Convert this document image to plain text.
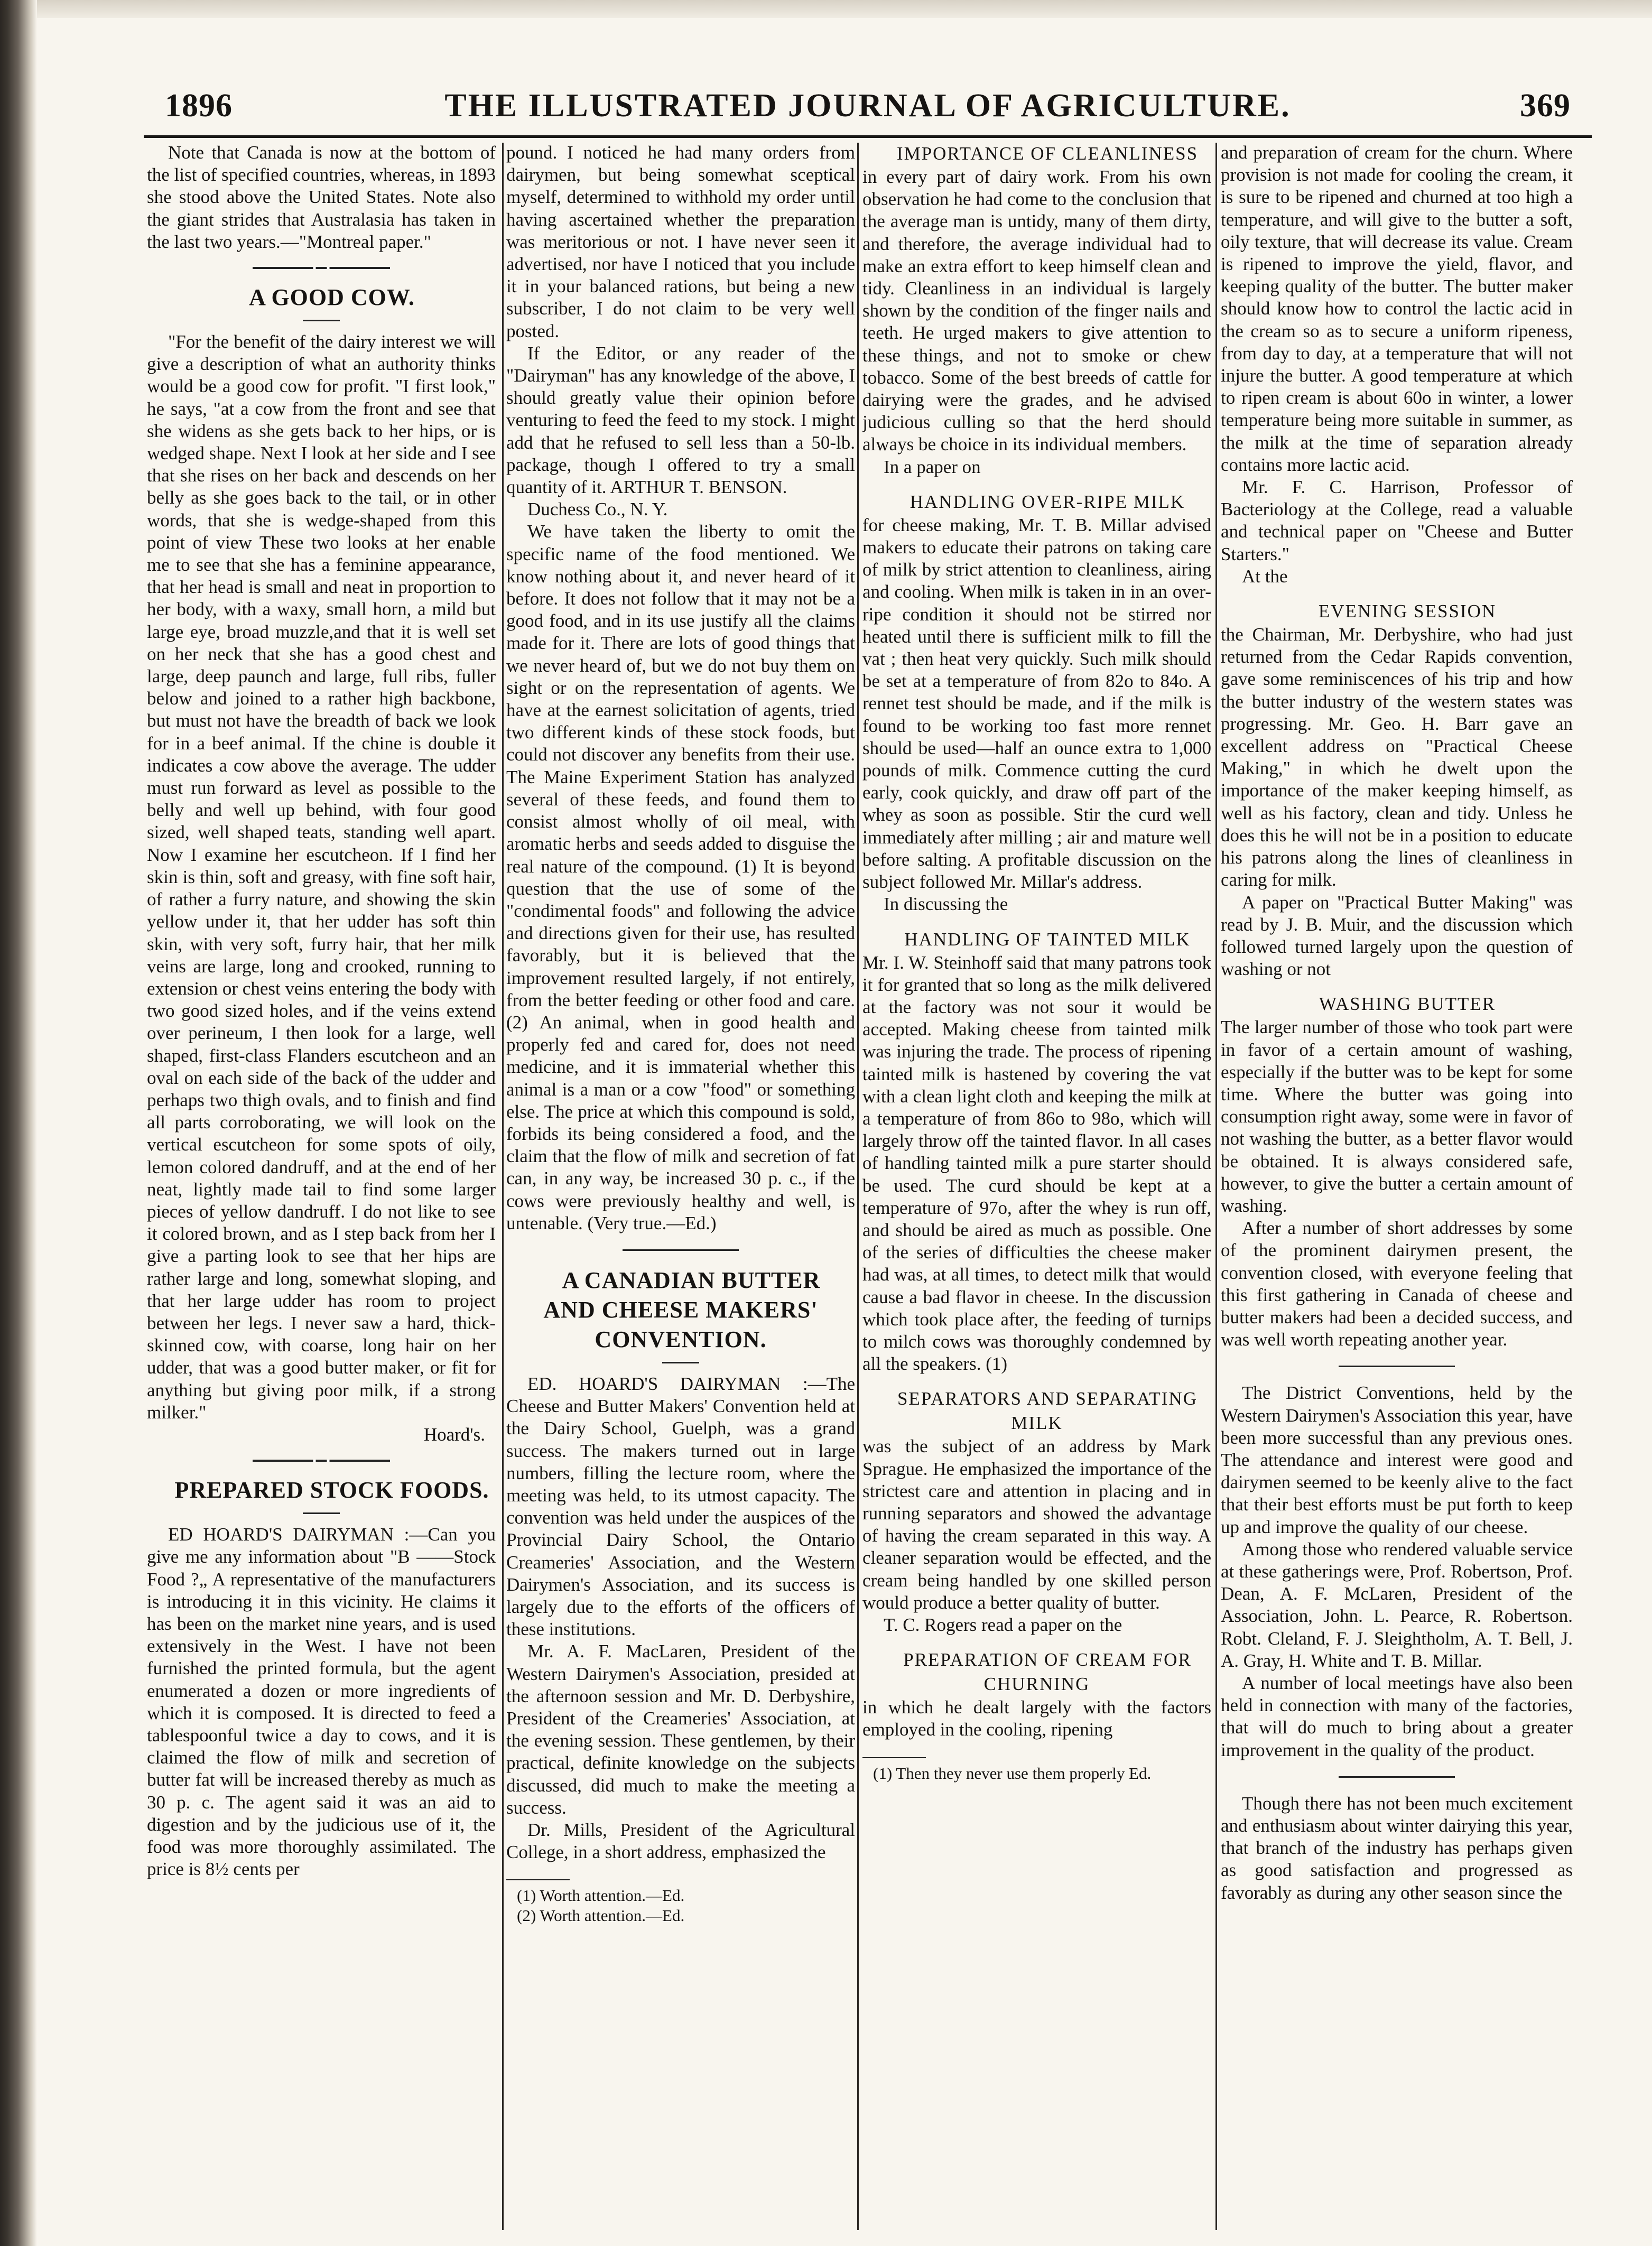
THE ILLUSTRATED JOURNAL OF AGRICULTURE.
1896	369

Note that Canada is now at the bottom of the list of specified countries, whereas, in 1893 she stood above the United States. Note also the giant strides that Australasia has taken in the last two years.—"Montreal paper."

A GOOD COW.

"For the benefit of the dairy interest we will give a description of what an authority thinks would be a good cow for profit. "I first look," he says, "at a cow from the front and see that she widens as she gets back to her hips, or is wedged shape. Next I look at her side and I see that she rises on her back and descends on her belly as she goes back to the tail, or in other words, that she is wedge-shaped from this point of view These two looks at her enable me to see that she has a feminine appearance, that her head is small and neat in proportion to her body, with a waxy, small horn, a mild but large eye, broad muzzle,and that it is well set on her neck that she has a good chest and large, deep paunch and large, full ribs, fuller below and joined to a rather high backbone, but must not have the breadth of back we look for in a beef animal. If the chine is double it indicates a cow above the average. The udder must run forward as level as possible to the belly and well up behind, with four good sized, well shaped teats, standing well apart. Now I examine her escutcheon. If I find her skin is thin, soft and greasy, with fine soft hair, of rather a furry nature, and showing the skin yellow under it, that her udder has soft thin skin, with very soft, furry hair, that her milk veins are large, long and crooked, running to extension or chest veins entering the body with two good sized holes, and if the veins extend over perineum, I then look for a large, well shaped, first-class Flanders escutcheon and an oval on each side of the back of the udder and perhaps two thigh ovals, and to finish and find all parts corroborating, we will look on the vertical escutcheon for some spots of oily, lemon colored dandruff, and at the end of her neat, lightly made tail to find some larger pieces of yellow dandruff. I do not like to see it colored brown, and as I step back from her I give a parting look to see that her hips are rather large and long, somewhat sloping, and that her large udder has room to project between her legs. I never saw a hard, thick-skinned cow, with coarse, long hair on her udder, that was a good butter maker, or fit for anything but giving poor milk, if a strong milker."

Hoard's.

PREPARED STOCK FOODS.

ED HOARD'S DAIRYMAN :—Can you give me any information about "B ——Stock Food ?„ A representative of the manufacturers is introducing it in this vicinity. He claims it has been on the market nine years, and is used extensively in the West. I have not been furnished the printed formula, but the agent enumerated a dozen or more ingredients of which it is composed. It is directed to feed a tablespoonful twice a day to cows, and it is claimed the flow of milk and secretion of butter fat will be increased thereby as much as 30 p. c. The agent said it was an aid to digestion and by the judicious use of it, the food was more thoroughly assimilated. The price is 8½ cents per

pound. I noticed he had many orders from dairymen, but being somewhat sceptical myself, determined to withhold my order until having ascertained whether the preparation was meritorious or not. I have never seen it advertised, nor have I noticed that you include it in your balanced rations, but being a new subscriber, I do not claim to be very well posted.

If the Editor, or any reader of the "Dairyman" has any knowledge of the above, I should greatly value their opinion before venturing to feed the feed to my stock. I might add that he refused to sell less than a 50-lb. package, though I offered to try a small quantity of it. ARTHUR T. BENSON.

Duchess Co., N. Y.

We have taken the liberty to omit the specific name of the food mentioned. We know nothing about it, and never heard of it before. It does not follow that it may not be a good food, and in its use justify all the claims made for it. There are lots of good things that we never heard of, but we do not buy them on sight or on the representation of agents. We have at the earnest solicitation of agents, tried two different kinds of these stock foods, but could not discover any benefits from their use. The Maine Experiment Station has analyzed several of these feeds, and found them to consist almost wholly of oil meal, with aromatic herbs and seeds added to disguise the real nature of the compound. (1) It is beyond question that the use of some of the "condimental foods" and following the advice and directions given for their use, has resulted favorably, but it is believed that the improvement resulted largely, if not entirely, from the better feeding or other food and care. (2) An animal, when in good health and properly fed and cared for, does not need medicine, and it is immaterial whether this animal is a man or a cow "food" or something else. The price at which this compound is sold, forbids its being considered a food, and the claim that the flow of milk and secretion of fat can, in any way, be increased 30 p. c., if the cows were previously healthy and well, is untenable. (Very true.—Ed.)

A CANADIAN BUTTER AND CHEESE MAKERS' CONVENTION.

ED. HOARD'S DAIRYMAN :—The Cheese and Butter Makers' Convention held at the Dairy School, Guelph, was a grand success. The makers turned out in large numbers, filling the lecture room, where the meeting was held, to its utmost capacity. The convention was held under the auspices of the Provincial Dairy School, the Ontario Creameries' Association, and the Western Dairymen's Association, and its success is largely due to the efforts of the officers of these institutions.

Mr. A. F. MacLaren, President of the Western Dairymen's Association, presided at the afternoon session and Mr. D. Derbyshire, President of the Creameries' Association, at the evening session. These gentlemen, by their practical, definite knowledge on the subjects discussed, did much to make the meeting a success.

Dr. Mills, President of the Agricultural College, in a short address, emphasized the

(1) Worth attention.—Ed.

(2) Worth attention.—Ed.

IMPORTANCE OF CLEANLINESS

in every part of dairy work. From his own observation he had come to the conclusion that the average man is untidy, many of them dirty, and therefore, the average individual had to make an extra effort to keep himself clean and tidy. Cleanliness in an individual is largely shown by the condition of the finger nails and teeth. He urged makers to give attention to these things, and not to smoke or chew tobacco. Some of the best breeds of cattle for dairying were the grades, and he advised judicious culling so that the herd should always be choice in its individual members.

In a paper on

HANDLING OVER-RIPE MILK

for cheese making, Mr. T. B. Millar advised makers to educate their patrons on taking care of milk by strict attention to cleanliness, airing and cooling. When milk is taken in in an over-ripe condition it should not be stirred nor heated until there is sufficient milk to fill the vat ; then heat very quickly. Such milk should be set at a temperature of from 82o to 84o. A rennet test should be made, and if the milk is found to be working too fast more rennet should be used—half an ounce extra to 1,000 pounds of milk. Commence cutting the curd early, cook quickly, and draw off part of the whey as soon as possible. Stir the curd well immediately after milling ; air and mature well before salting. A profitable discussion on the subject followed Mr. Millar's address.

In discussing the

HANDLING OF TAINTED MILK

Mr. I. W. Steinhoff said that many patrons took it for granted that so long as the milk delivered at the factory was not sour it would be accepted. Making cheese from tainted milk was injuring the trade. The process of ripening tainted milk is hastened by covering the vat with a clean light cloth and keeping the milk at a temperature of from 86o to 98o, which will largely throw off the tainted flavor. In all cases of handling tainted milk a pure starter should be used. The curd should be kept at a temperature of 97o, after the whey is run off, and should be aired as much as possible. One of the series of difficulties the cheese maker had was, at all times, to detect milk that would cause a bad flavor in cheese. In the discussion which took place after, the feeding of turnips to milch cows was thoroughly condemned by all the speakers. (1)

SEPARATORS AND SEPARATING MILK

was the subject of an address by Mark Sprague. He emphasized the importance of the strictest care and attention in placing and in running separators and showed the advantage of having the cream separated in this way. A cleaner separation would be effected, and the cream being handled by one skilled person would produce a better quality of butter.

T. C. Rogers read a paper on the

PREPARATION OF CREAM FOR CHURNING

in which he dealt largely with the factors employed in the cooling, ripening

(1) Then they never use them properly Ed.

and preparation of cream for the churn. Where provision is not made for cooling the cream, it is sure to be ripened and churned at too high a temperature, and will give to the butter a soft, oily texture, that will decrease its value. Cream is ripened to improve the yield, flavor, and keeping quality of the butter. The butter maker should know how to control the lactic acid in the cream so as to secure a uniform ripeness, from day to day, at a temperature that will not injure the butter. A good temperature at which to ripen cream is about 60o in winter, a lower temperature being more suitable in summer, as the milk at the time of separation already contains more lactic acid.

Mr. F. C. Harrison, Professor of Bacteriology at the College, read a valuable and technical paper on "Cheese and Butter Starters."

At the

EVENING SESSION

the Chairman, Mr. Derbyshire, who had just returned from the Cedar Rapids convention, gave some reminiscences of his trip and how the butter industry of the western states was progressing. Mr. Geo. H. Barr gave an excellent address on "Practical Cheese Making," in which he dwelt upon the importance of the maker keeping himself, as well as his factory, clean and tidy. Unless he does this he will not be in a position to educate his patrons along the lines of cleanliness in caring for milk.

A paper on "Practical Butter Making" was read by J. B. Muir, and the discussion which followed turned largely upon the question of washing or not

WASHING BUTTER

The larger number of those who took part were in favor of a certain amount of washing, especially if the butter was to be kept for some time. Where the butter was going into consumption right away, some were in favor of not washing the butter, as a better flavor would be obtained. It is always considered safe, however, to give the butter a certain amount of washing.

After a number of short addresses by some of the prominent dairymen present, the convention closed, with everyone feeling that this first gathering in Canada of cheese and butter makers had been a decided success, and was well worth repeating another year.

The District Conventions, held by the Western Dairymen's Association this year, have been more successful than any previous ones. The attendance and interest were good and dairymen seemed to be keenly alive to the fact that their best efforts must be put forth to keep up and improve the quality of our cheese.

Among those who rendered valuable service at these gatherings were, Prof. Robertson, Prof. Dean, A. F. McLaren, President of the Association, John. L. Pearce, R. Robertson. Robt. Cleland, F. J. Sleightholm, A. T. Bell, J. A. Gray, H. White and T. B. Millar.

A number of local meetings have also been held in connection with many of the factories, that will do much to bring about a greater improvement in the quality of the product.

Though there has not been much excitement and enthusiasm about winter dairying this year, that branch of the industry has perhaps given as good satisfaction and progressed as favorably as during any other season since the
